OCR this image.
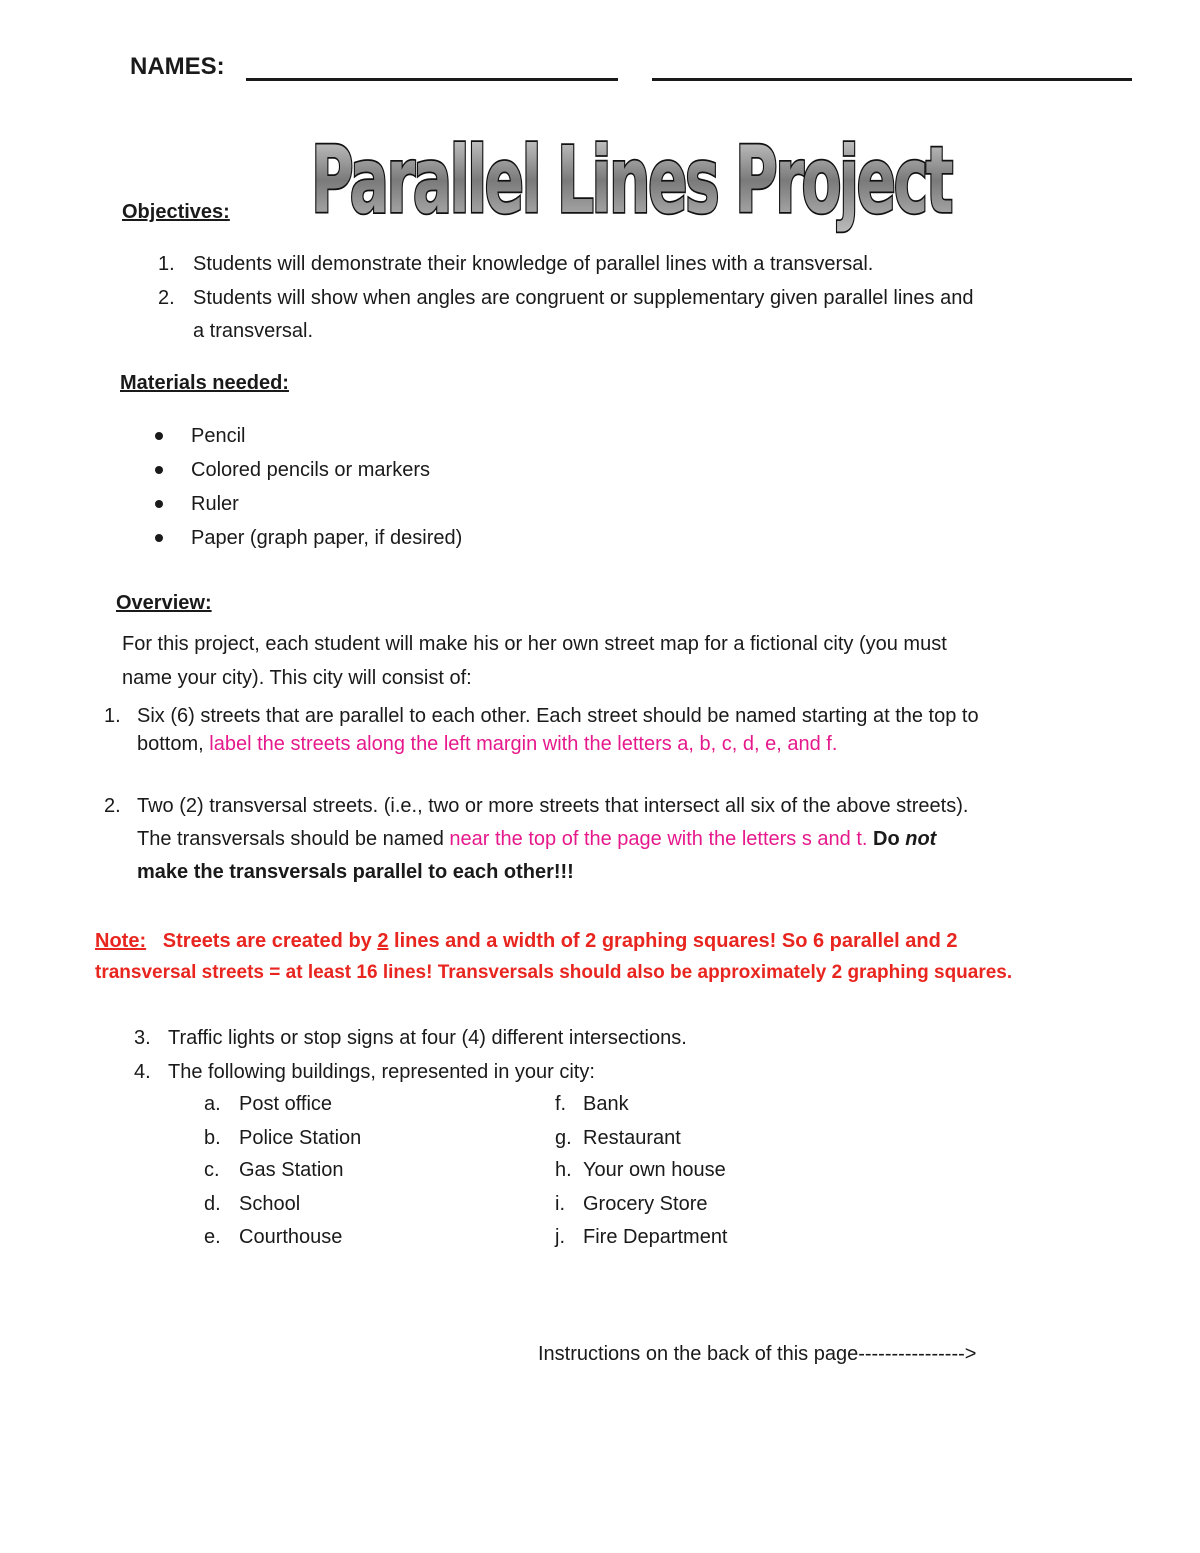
NAMES:
Parallel Lines Project
Objectives:
1. Students will demonstrate their knowledge of parallel lines with a transversal.
2. Students will show when angles are congruent or supplementary given parallel lines and
a transversal.
Materials needed:
Pencil
Colored pencils or markers
Ruler
Paper (graph paper, if desired)
Overview:
For this project, each student will make his or her own street map for a fictional city (you must
name your city). This city will consist of:
1. Six (6) streets that are parallel to each other. Each street should be named starting at the top to
bottom, label the streets along the left margin with the letters a, b, c, d, e, and f.
2. Two (2) transversal streets. (i.e., two or more streets that intersect all six of the above streets).
The transversals should be named near the top of the page with the letters s and t. Do not
make the transversals parallel to each other!!!
Note: Streets are created by 2 lines and a width of 2 graphing squares! So 6 parallel and 2
transversal streets = at least 16 lines! Transversals should also be approximately 2 graphing squares.
3. Traffic lights or stop signs at four (4) different intersections.
4. The following buildings, represented in your city:
a. Post office
b. Police Station
c. Gas Station
d. School
e. Courthouse
f. Bank
g. Restaurant
h. Your own house
i. Grocery Store
j. Fire Department
Instructions on the back of this page---------------->
